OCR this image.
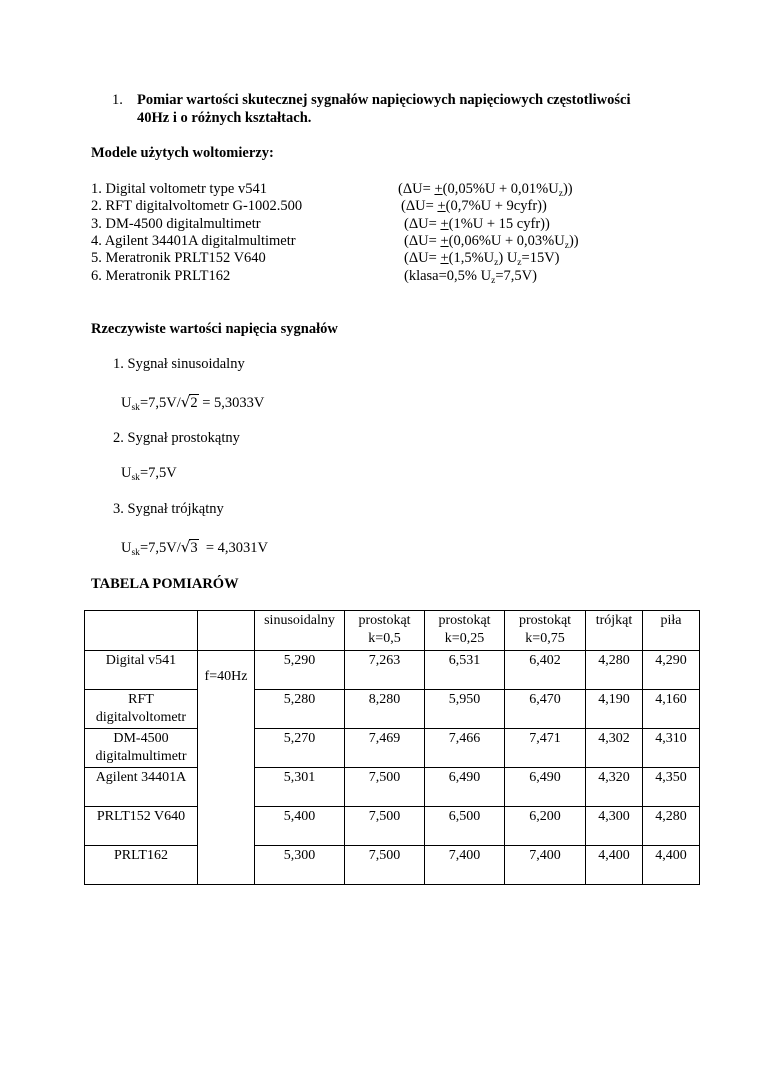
1. Pomiar wartości skutecznej sygnałów napięciowych napięciowych częstotliwości
40Hz i o różnych kształtach.
Modele użytych woltomierzy:
1. Digital voltometr type v541	$(\Delta U= +(0,05\%U + 0,01\%U_z))$
2. RFT digitalvoltometr G-1002.500	(ΔU= +(0,7%U + 9cyfr))
3. DM-4500 digitalmultimetr	(ΔU= +(1%U + 15 cyfr))
4. Agilent 34401A digitalmultimetr	$(\Delta U= +(0,06\%U + 0,03\%U_z))$
5. Meratronik PRLT152 V640	($\Delta U= +(1,5\%U_z)$ $U_z=15V$)
6. Meratronik PRLT162	(klasa=0,5% $U_z=7,5V$)
Rzeczywiste wartości napięcia sygnałów
1. Sygnał sinusoidalny
$U_{sk}=7,5V/√2 = 5,3033V$
2. Sygnał prostokątny
$U_{sk}=7,5V$
3. Sygnał trójkątny
$U_{sk}=7,5V/√3 = 4,3031V$
TABELA POMIARÓW
		sinusoidalny	prostokąt
k=0,5	prostokąt
k=0,25	prostokąt
k=0,75	trójkąt	piła
Digital v541	f=40Hz	5,290	7,263	6,531	6,402	4,280	4,290
RFT
digitalvoltometr		5,280	8,280	5,950	6,470	4,190	4,160
DM-4500
digitalmultimetr		5,270	7,469	7,466	7,471	4,302	4,310
Agilent 34401A		5,301	7,500	6,490	6,490	4,320	4,350
PRLT152 V640		5,400	7,500	6,500	6,200	4,300	4,280
PRLT162		5,300	7,500	7,400	7,400	4,400	4,400
